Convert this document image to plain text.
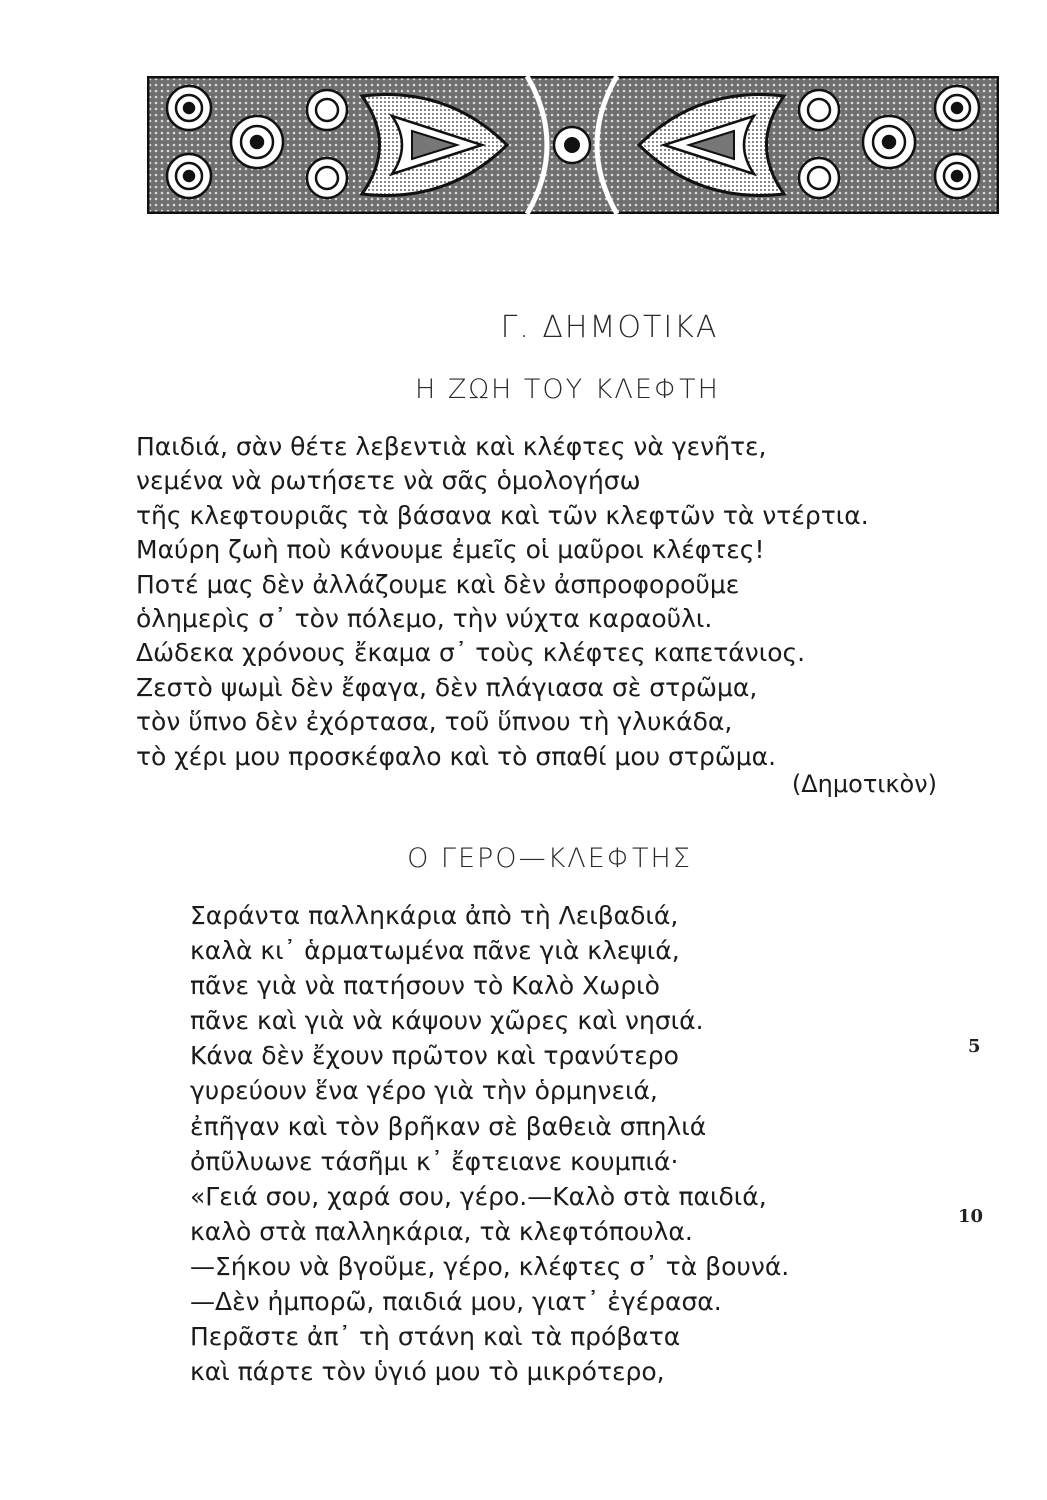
Γ. ΔΗΜΟΤΙΚΑ
Η ΖΩΗ ΤΟΥ ΚΛΕΦΤΗ
Παιδιά, σὰν θέτε λεβεντιὰ καὶ κλέφτες νὰ γενῆτε,
νεμένα νὰ ρωτήσετε νὰ σᾶς ὁμολογήσω
τῆς κλεφτουριᾶς τὰ βάσανα καὶ τῶν κλεφτῶν τὰ ντέρτια.
Μαύρη ζωὴ ποὺ κάνουμε ἐμεῖς οἱ μαῦροι κλέφτες!
Ποτέ μας δὲν ἀλλάζουμε καὶ δὲν ἀσπροφοροῦμε
ὁλημερὶς σ᾽ τὸν πόλεμο, τὴν νύχτα καραοῦλι.
Δώδεκα χρόνους ἔκαμα σ᾽ τοὺς κλέφτες καπετάνιος.
Ζεστὸ ψωμὶ δὲν ἔφαγα, δὲν πλάγιασα σὲ στρῶμα,
τὸν ὕπνο δὲν ἐχόρτασα, τοῦ ὕπνου τὴ γλυκάδα,
τὸ χέρι μου προσκέφαλο καὶ τὸ σπαθί μου στρῶμα.
(Δημοτικὸν)
Ο ΓΕΡΟ—ΚΛΕΦΤΗΣ
Σαράντα παλληκάρια ἀπὸ τὴ Λειβαδιά,
καλὰ κι᾽ ἁρματωμένα πᾶνε γιὰ κλεψιά,
πᾶνε γιὰ νὰ πατήσουν τὸ Καλὸ Χωριὸ
πᾶνε καὶ γιὰ νὰ κάψουν χῶρες καὶ νησιά.
Κάνα δὲν ἔχουν πρῶτον καὶ τρανύτερο
γυρεύουν ἕνα γέρο γιὰ τὴν ὁρμηνειά,
ἐπῆγαν καὶ τὸν βρῆκαν σὲ βαθειὰ σπηλιά
ὀπῦλυωνε τάσῆμι κ᾽ ἔφτειανε κουμπιά·
«Γειά σου, χαρά σου, γέρο.—Καλὸ στὰ παιδιά,
καλὸ στὰ παλληκάρια, τὰ κλεφτόπουλα.
—Σήκου νὰ βγοῦμε, γέρο, κλέφτες σ᾽ τὰ βουνά.
—Δὲν ἠμπορῶ, παιδιά μου, γιατ᾽ ἐγέρασα.
Περᾶστε ἀπ᾽ τὴ στάνη καὶ τὰ πρόβατα
καὶ πάρτε τὸν ὑγιό μου τὸ μικρότερο,
5
10
